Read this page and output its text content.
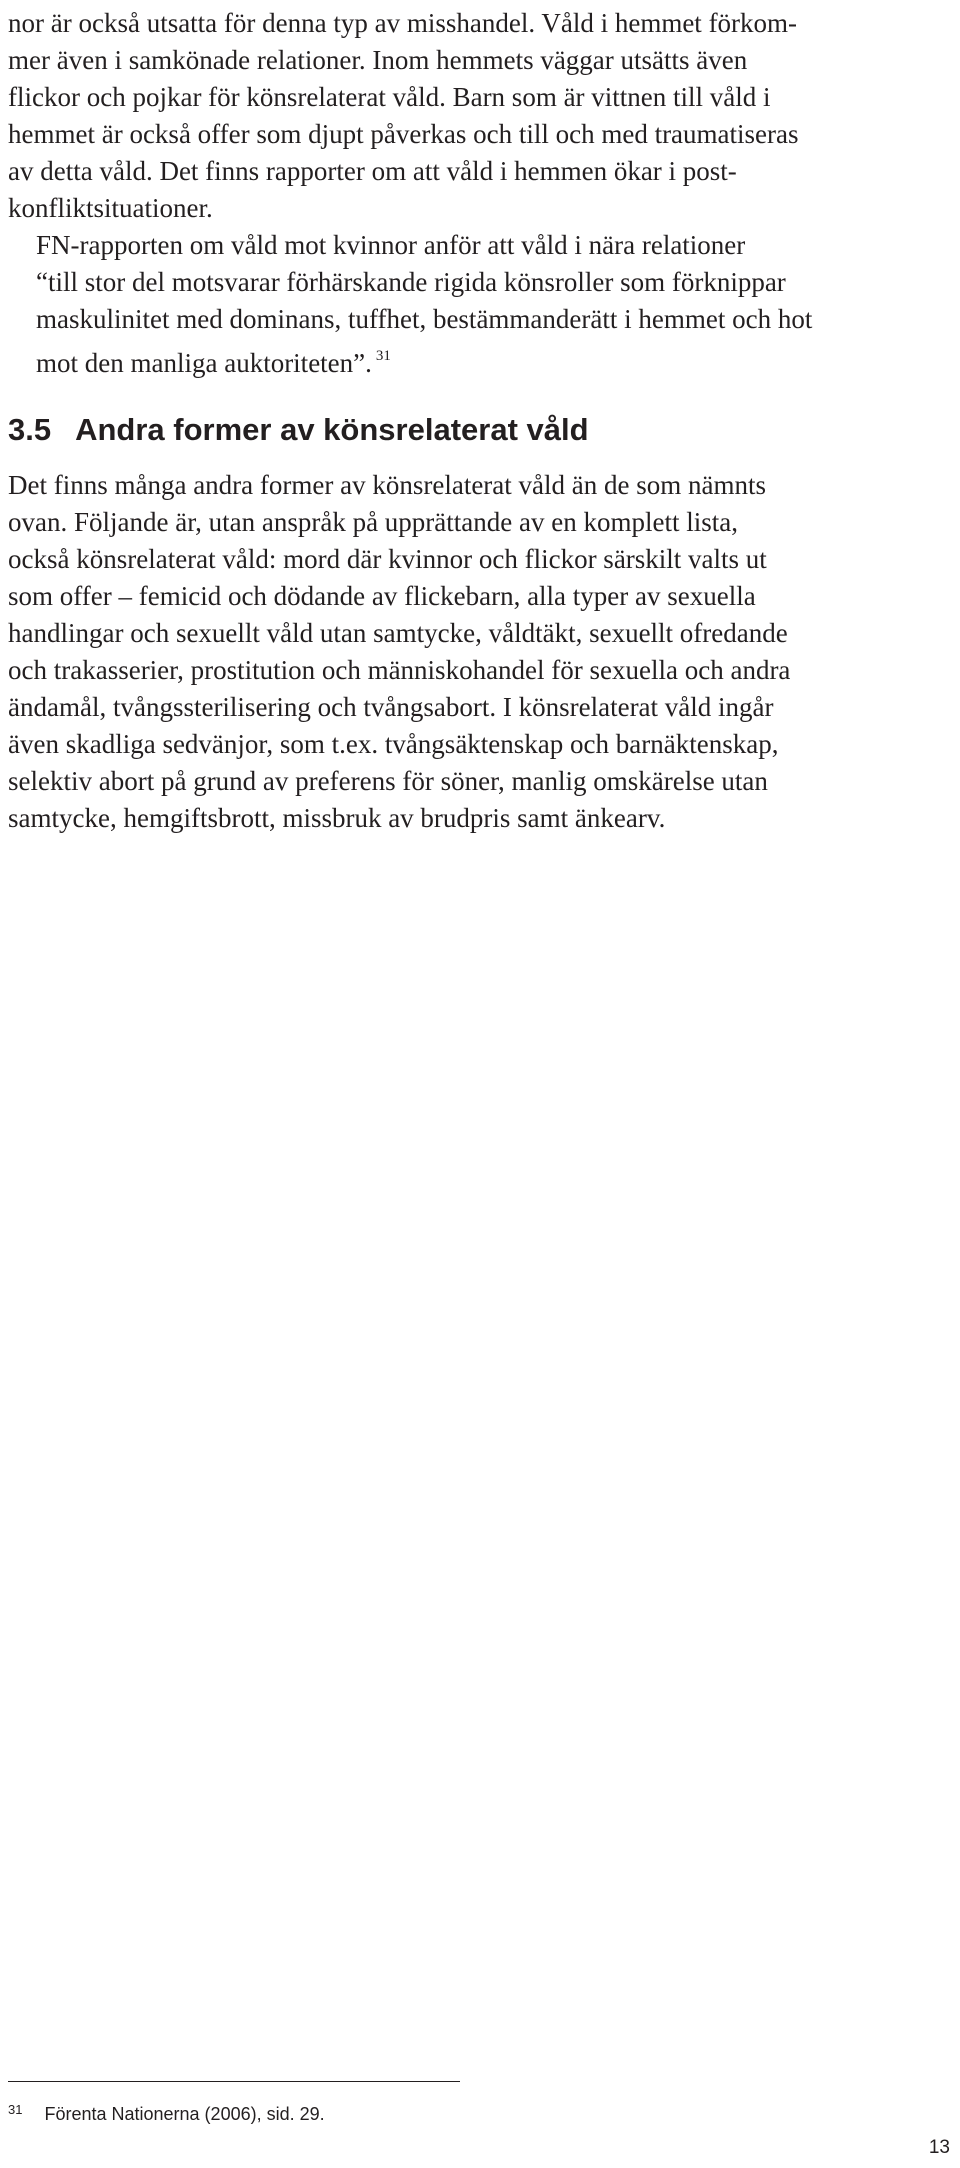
nor är också utsatta för denna typ av misshandel. Våld i hemmet förkom-
mer även i samkönade relationer. Inom hemmets väggar utsätts även
flickor och pojkar för könsrelaterat våld. Barn som är vittnen till våld i
hemmet är också offer som djupt påverkas och till och med traumatiseras
av detta våld. Det finns rapporter om att våld i hemmen ökar i post-
konfliktsituationer.

FN-rapporten om våld mot kvinnor anför att våld i nära relationer
“till stor del motsvarar förhärskande rigida könsroller som förknippar
maskulinitet med dominans, tuffhet, bestämmanderätt i hemmet och hot
mot den manliga auktoriteten”. $^{31}$

3.5 Andra former av könsrelaterat våld

Det finns många andra former av könsrelaterat våld än de som nämnts
ovan. Följande är, utan anspråk på upprättande av en komplett lista,
också könsrelaterat våld: mord där kvinnor och flickor särskilt valts ut
som offer – femicid och dödande av flickebarn, alla typer av sexuella
handlingar och sexuellt våld utan samtycke, våldtäkt, sexuellt ofredande
och trakasserier, prostitution och människohandel för sexuella och andra
ändamål, tvångssterilisering och tvångsabort. I könsrelaterat våld ingår
även skadliga sedvänjor, som t.ex. tvångsäktenskap och barnäktenskap,
selektiv abort på grund av preferens för söner, manlig omskärelse utan
samtycke, hemgiftsbrott, missbruk av brudpris samt änkearv.

$^{31}$ Förenta Nationerna (2006), sid. 29.
13
